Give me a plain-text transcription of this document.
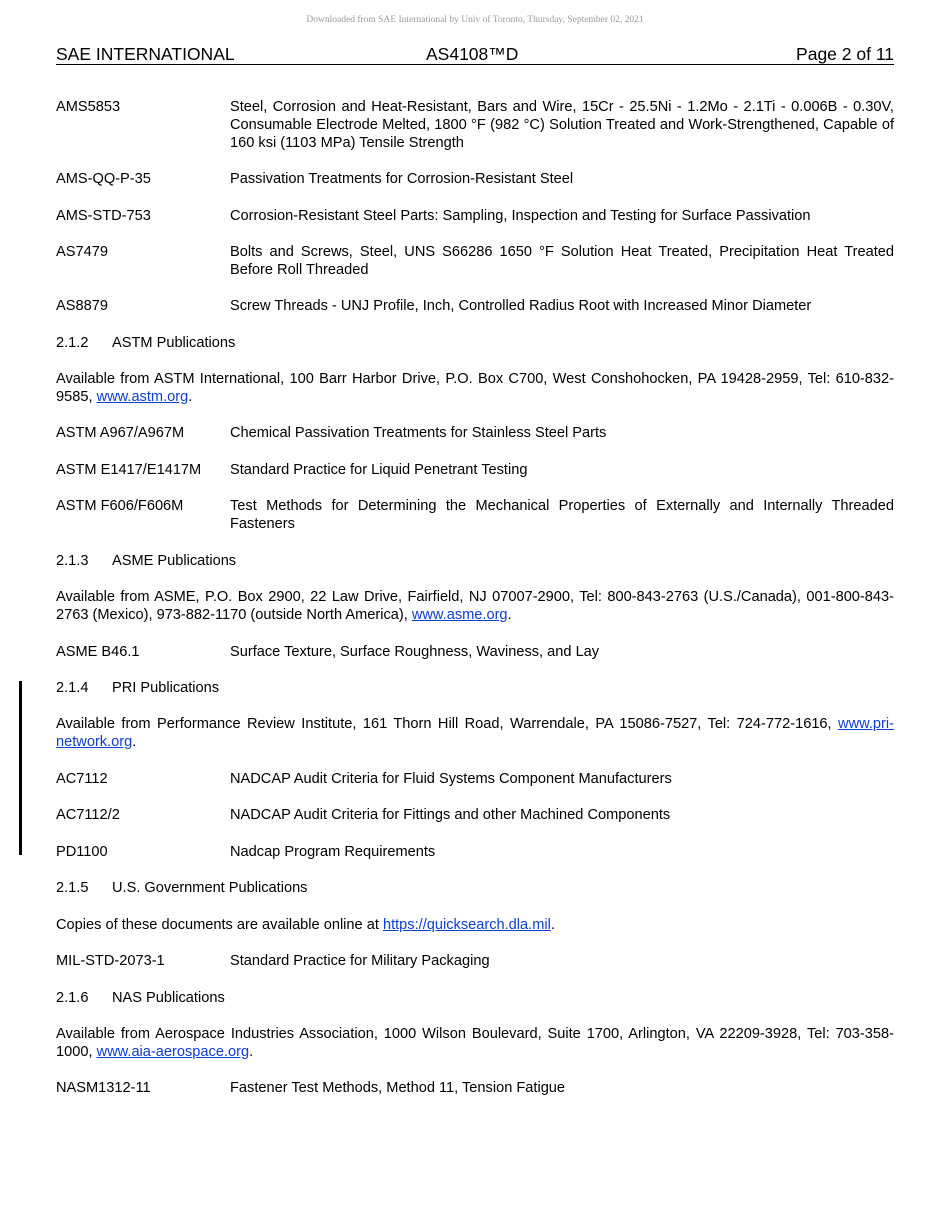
Downloaded from SAE International by Univ of Toronto, Thursday, September 02, 2021
SAE INTERNATIONAL	AS4108™D	Page 2 of 11
AMS5853	Steel, Corrosion and Heat-Resistant, Bars and Wire, 15Cr - 25.5Ni - 1.2Mo - 2.1Ti - 0.006B - 0.30V, Consumable Electrode Melted, 1800 °F (982 °C) Solution Treated and Work-Strengthened, Capable of 160 ksi (1103 MPa) Tensile Strength
AMS-QQ-P-35	Passivation Treatments for Corrosion-Resistant Steel
AMS-STD-753	Corrosion-Resistant Steel Parts: Sampling, Inspection and Testing for Surface Passivation
AS7479	Bolts and Screws, Steel, UNS S66286 1650 °F Solution Heat Treated, Precipitation Heat Treated Before Roll Threaded
AS8879	Screw Threads - UNJ Profile, Inch, Controlled Radius Root with Increased Minor Diameter
2.1.2 ASTM Publications
Available from ASTM International, 100 Barr Harbor Drive, P.O. Box C700, West Conshohocken, PA 19428-2959, Tel: 610-832-9585, www.astm.org.
ASTM A967/A967M	Chemical Passivation Treatments for Stainless Steel Parts
ASTM E1417/E1417M	Standard Practice for Liquid Penetrant Testing
ASTM F606/F606M	Test Methods for Determining the Mechanical Properties of Externally and Internally Threaded Fasteners
2.1.3 ASME Publications
Available from ASME, P.O. Box 2900, 22 Law Drive, Fairfield, NJ 07007-2900, Tel: 800-843-2763 (U.S./Canada), 001-800-843-2763 (Mexico), 973-882-1170 (outside North America), www.asme.org.
ASME B46.1	Surface Texture, Surface Roughness, Waviness, and Lay
2.1.4 PRI Publications
Available from Performance Review Institute, 161 Thorn Hill Road, Warrendale, PA 15086-7527, Tel: 724-772-1616, www.pri-network.org.
AC7112	NADCAP Audit Criteria for Fluid Systems Component Manufacturers
AC7112/2	NADCAP Audit Criteria for Fittings and other Machined Components
PD1100	Nadcap Program Requirements
2.1.5 U.S. Government Publications
Copies of these documents are available online at https://quicksearch.dla.mil.
MIL-STD-2073-1	Standard Practice for Military Packaging
2.1.6 NAS Publications
Available from Aerospace Industries Association, 1000 Wilson Boulevard, Suite 1700, Arlington, VA 22209-3928, Tel: 703-358-1000, www.aia-aerospace.org.
NASM1312-11	Fastener Test Methods, Method 11, Tension Fatigue
